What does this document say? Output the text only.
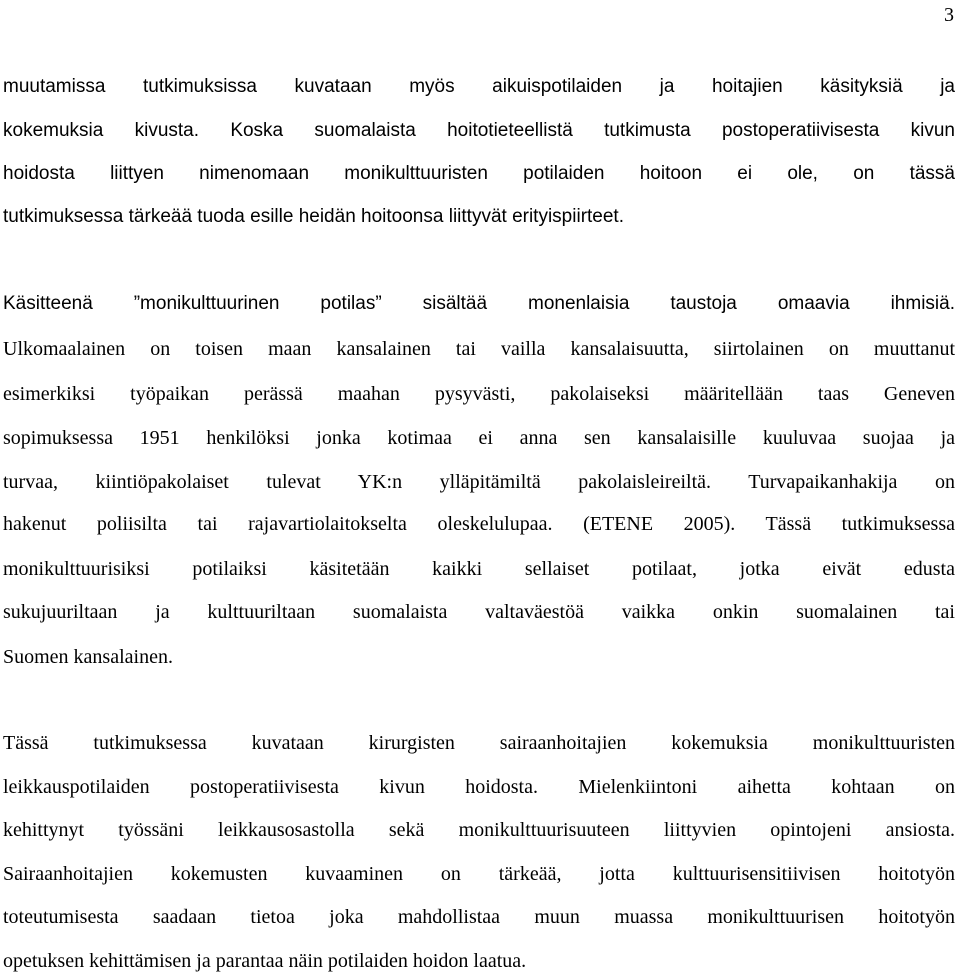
3
muutamissa tutkimuksissa kuvataan myös aikuispotilaiden ja hoitajien käsityksiä ja
kokemuksia kivusta. Koska suomalaista hoitotieteellistä tutkimusta postoperatiivisesta kivun
hoidosta liittyen nimenomaan monikulttuuristen potilaiden hoitoon ei ole, on tässä
tutkimuksessa tärkeää tuoda esille heidän hoitoonsa liittyvät erityispiirteet.
Käsitteenä ”monikulttuurinen potilas” sisältää monenlaisia taustoja omaavia ihmisiä.
Ulkomaalainen on toisen maan kansalainen tai vailla kansalaisuutta, siirtolainen on muuttanut
esimerkiksi työpaikan perässä maahan pysyvästi, pakolaiseksi määritellään taas Geneven
sopimuksessa 1951 henkilöksi jonka kotimaa ei anna sen kansalaisille kuuluvaa suojaa ja
turvaa, kiintiöpakolaiset tulevat YK:n ylläpitämiltä pakolaisleireiltä. Turvapaikanhakija on
hakenut poliisilta tai rajavartiolaitokselta oleskelulupaa. (ETENE 2005). Tässä tutkimuksessa
monikulttuurisiksi potilaiksi käsitetään kaikki sellaiset potilaat, jotka eivät edusta
sukujuuriltaan ja kulttuuriltaan suomalaista valtaväestöä vaikka onkin suomalainen tai
Suomen kansalainen.
Tässä tutkimuksessa kuvataan kirurgisten sairaanhoitajien kokemuksia monikulttuuristen
leikkauspotilaiden postoperatiivisesta kivun hoidosta. Mielenkiintoni aihetta kohtaan on
kehittynyt työssäni leikkausosastolla sekä monikulttuurisuuteen liittyvien opintojeni ansiosta.
Sairaanhoitajien kokemusten kuvaaminen on tärkeää, jotta kulttuurisensitiivisen hoitotyön
toteutumisesta saadaan tietoa joka mahdollistaa muun muassa monikulttuurisen hoitotyön
opetuksen kehittämisen ja parantaa näin potilaiden hoidon laatua.
